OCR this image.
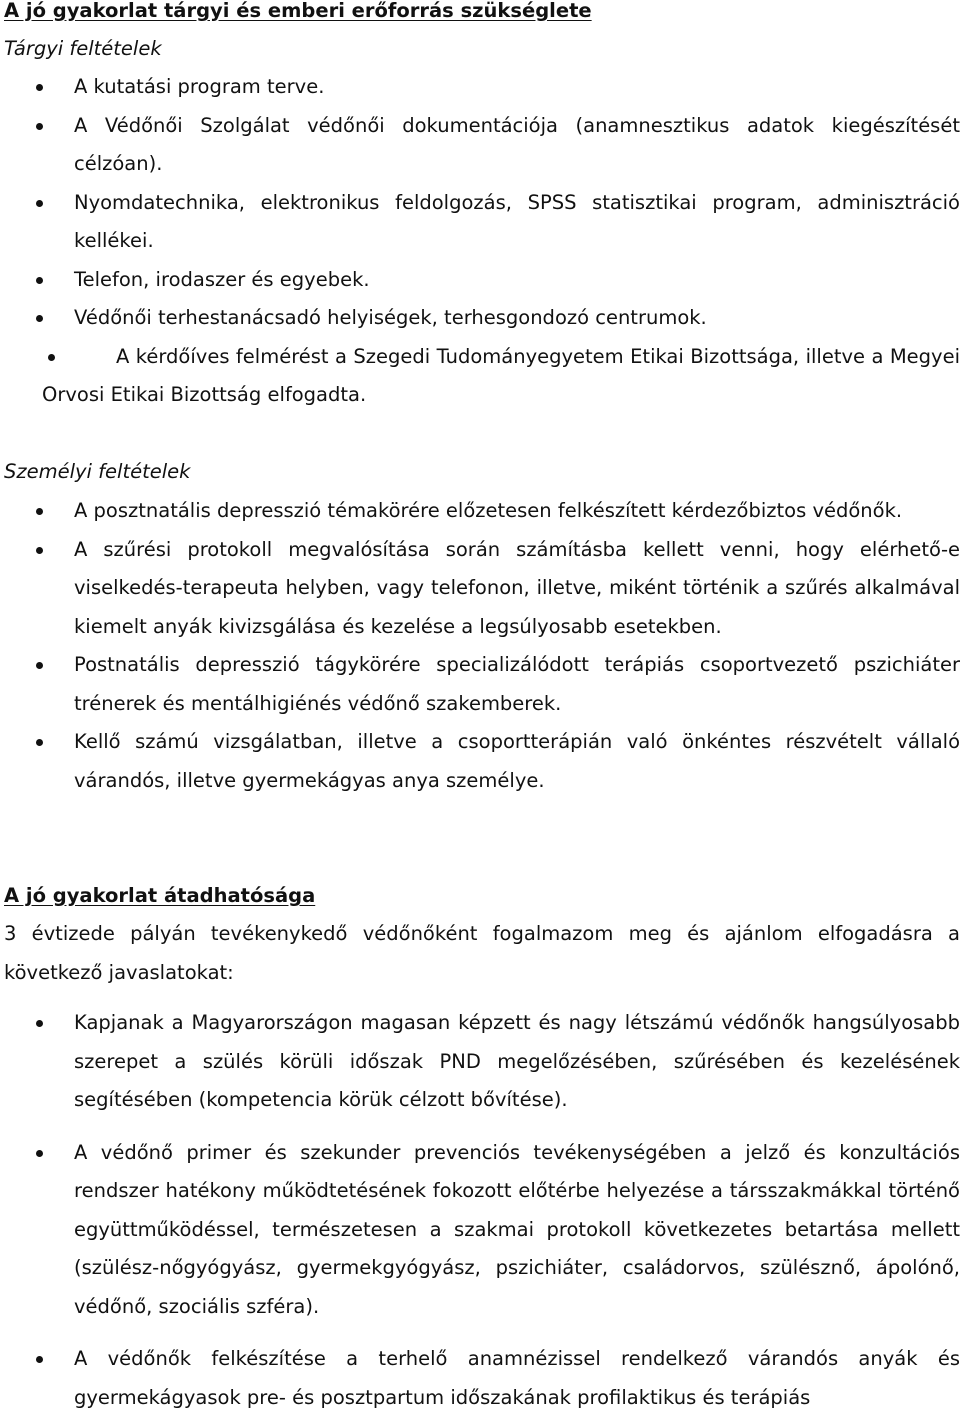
A jó gyakorlat tárgyi és emberi erőforrás szükséglete

Tárgyi feltételek

A kutatási program terve.
A Védőnői Szolgálat védőnői dokumentációja (anamnesztikus adatok kiegészítését célzóan).
Nyomdatechnika, elektronikus feldolgozás, SPSS statisztikai program, adminisztráció kellékei.
Telefon, irodaszer és egyebek.
Védőnői terhestanácsadó helyiségek, terhesgondozó centrumok.
A kérdőíves felmérést a Szegedi Tudományegyetem Etikai Bizottsága, illetve a Megyei Orvosi Etikai Bizottság elfogadta.

Személyi feltételek

A posztnatális depresszió témakörére előzetesen felkészített kérdezőbiztos védőnők.
A szűrési protokoll megvalósítása során számításba kellett venni, hogy elérhető-e viselkedés-terapeuta helyben, vagy telefonon, illetve, miként történik a szűrés alkalmával kiemelt anyák kivizsgálása és kezelése a legsúlyosabb esetekben.
Postnatális depresszió tágykörére specializálódott terápiás csoportvezető pszichiáter trénerek és mentálhigiénés védőnő szakemberek.
Kellő számú vizsgálatban, illetve a csoportterápián való önkéntes részvételt vállaló várandós, illetve gyermekágyas anya személye.
A jó gyakorlat átadhatósága

3 évtizede pályán tevékenykedő védőnőként fogalmazom meg és ajánlom elfogadásra a következő javaslatokat:

Kapjanak a Magyarországon magasan képzett és nagy létszámú védőnők hangsúlyosabb szerepet a szülés körüli időszak PND megelőzésében, szűrésében és kezelésének segítésében (kompetencia körük célzott bővítése).
A védőnő primer és szekunder prevenciós tevékenységében a jelző és konzultációs rendszer hatékony működtetésének fokozott előtérbe helyezése a társszakmákkal történő együttműködéssel, természetesen a szakmai protokoll következetes betartása mellett (szülész-nőgyógyász, gyermekgyógyász, pszichiáter, családorvos, szülésznő, ápolónő, védőnő, szociális szféra).
A védőnők felkészítése a terhelő anamnézissel rendelkező várandós anyák és gyermekágyasok pre- és posztpartum időszakának profilaktikus és terápiás
